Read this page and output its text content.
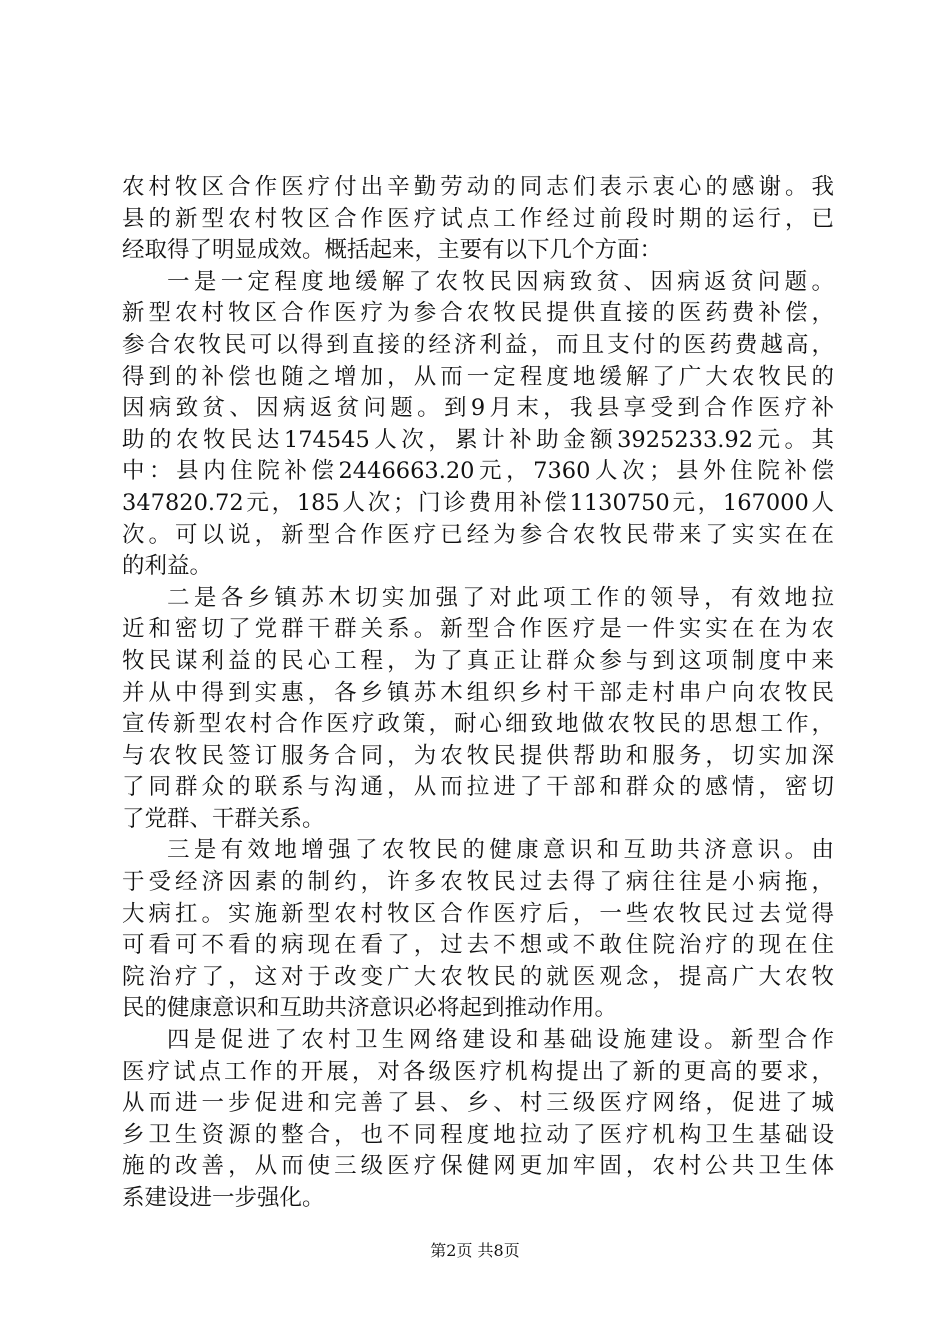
农村牧区合作医疗付出辛勤劳动的同志们表示衷心的感谢。我
县的新型农村牧区合作医疗试点工作经过前段时期的运行，已
经取得了明显成效。概括起来，主要有以下几个方面：
一是一定程度地缓解了农牧民因病致贫、因病返贫问题。
新型农村牧区合作医疗为参合农牧民提供直接的医药费补偿，
参合农牧民可以得到直接的经济利益，而且支付的医药费越高，
得到的补偿也随之增加，从而一定程度地缓解了广大农牧民的
因病致贫、因病返贫问题。到9月末，我县享受到合作医疗补
助的农牧民达174545人次，累计补助金额3925233.92元。其
中：县内住院补偿2446663.20元，7360人次；县外住院补偿
347820.72元，185人次；门诊费用补偿1130750元，167000人
次。可以说，新型合作医疗已经为参合农牧民带来了实实在在
的利益。
二是各乡镇苏木切实加强了对此项工作的领导，有效地拉
近和密切了党群干群关系。新型合作医疗是一件实实在在为农
牧民谋利益的民心工程，为了真正让群众参与到这项制度中来
并从中得到实惠，各乡镇苏木组织乡村干部走村串户向农牧民
宣传新型农村合作医疗政策，耐心细致地做农牧民的思想工作，
与农牧民签订服务合同，为农牧民提供帮助和服务，切实加深
了同群众的联系与沟通，从而拉进了干部和群众的感情，密切
了党群、干群关系。
三是有效地增强了农牧民的健康意识和互助共济意识。由
于受经济因素的制约，许多农牧民过去得了病往往是小病拖，
大病扛。实施新型农村牧区合作医疗后，一些农牧民过去觉得
可看可不看的病现在看了，过去不想或不敢住院治疗的现在住
院治疗了，这对于改变广大农牧民的就医观念，提高广大农牧
民的健康意识和互助共济意识必将起到推动作用。
四是促进了农村卫生网络建设和基础设施建设。新型合作
医疗试点工作的开展，对各级医疗机构提出了新的更高的要求，
从而进一步促进和完善了县、乡、村三级医疗网络，促进了城
乡卫生资源的整合，也不同程度地拉动了医疗机构卫生基础设
施的改善，从而使三级医疗保健网更加牢固，农村公共卫生体
系建设进一步强化。
第2页 共8页
